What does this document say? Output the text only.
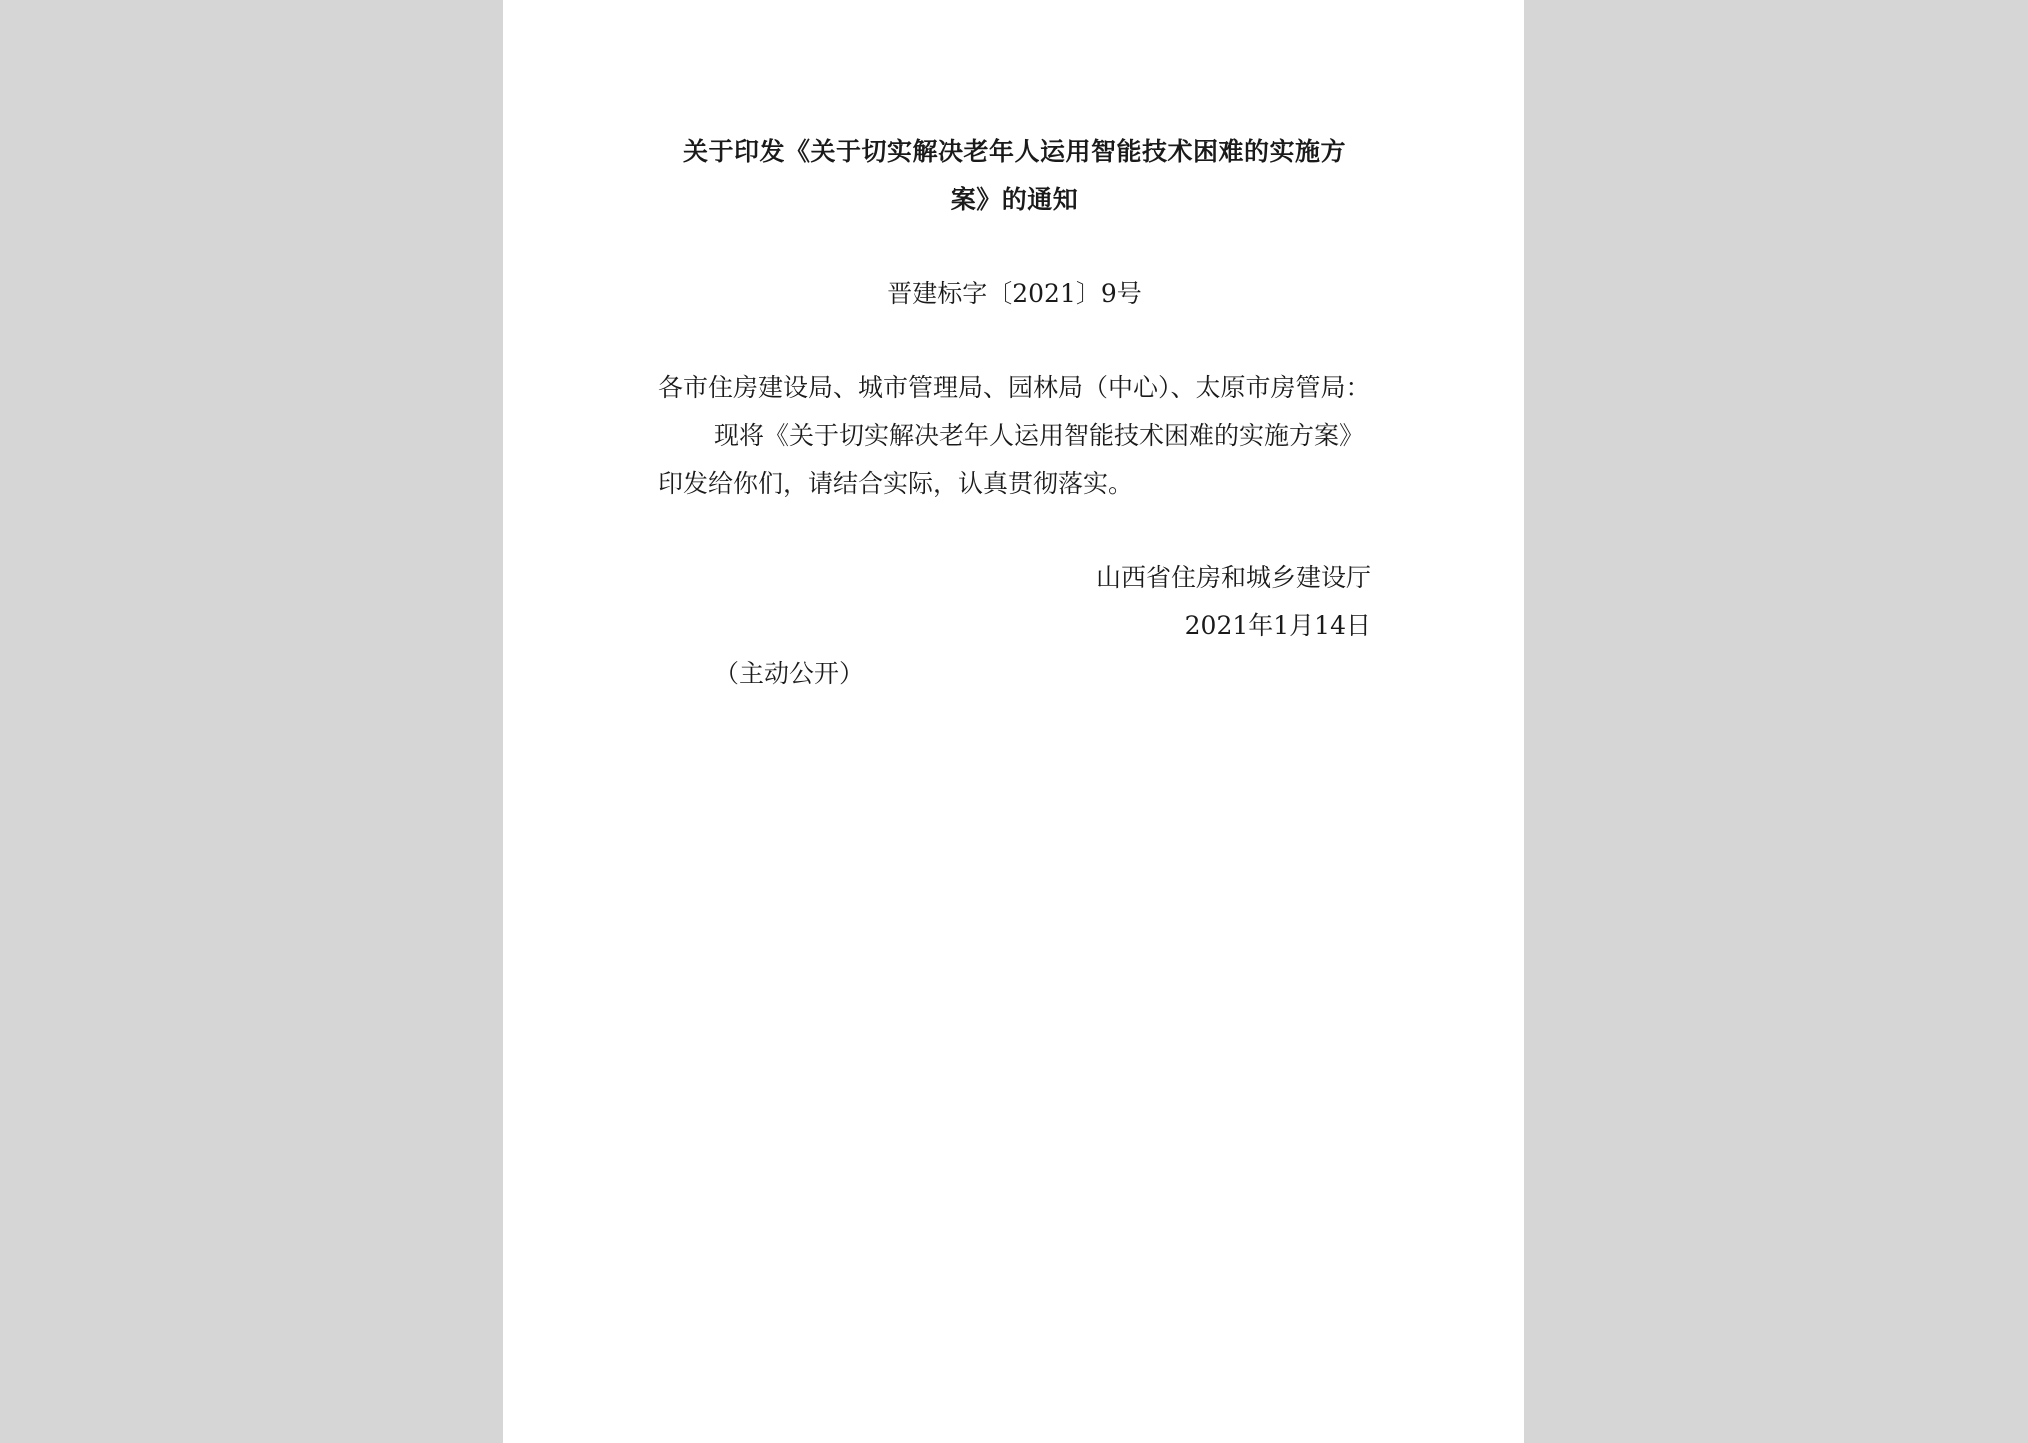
关于印发《关于切实解决老年人运用智能技术困难的实施方
案》的通知
晋建标字〔2021〕9号
各市住房建设局、城市管理局、园林局（中心）、太原市房管局：

现将《关于切实解决老年人运用智能技术困难的实施方案》印发给你们，请结合实际，认真贯彻落实。

山西省住房和城乡建设厅
2021年1月14日
（主动公开）
